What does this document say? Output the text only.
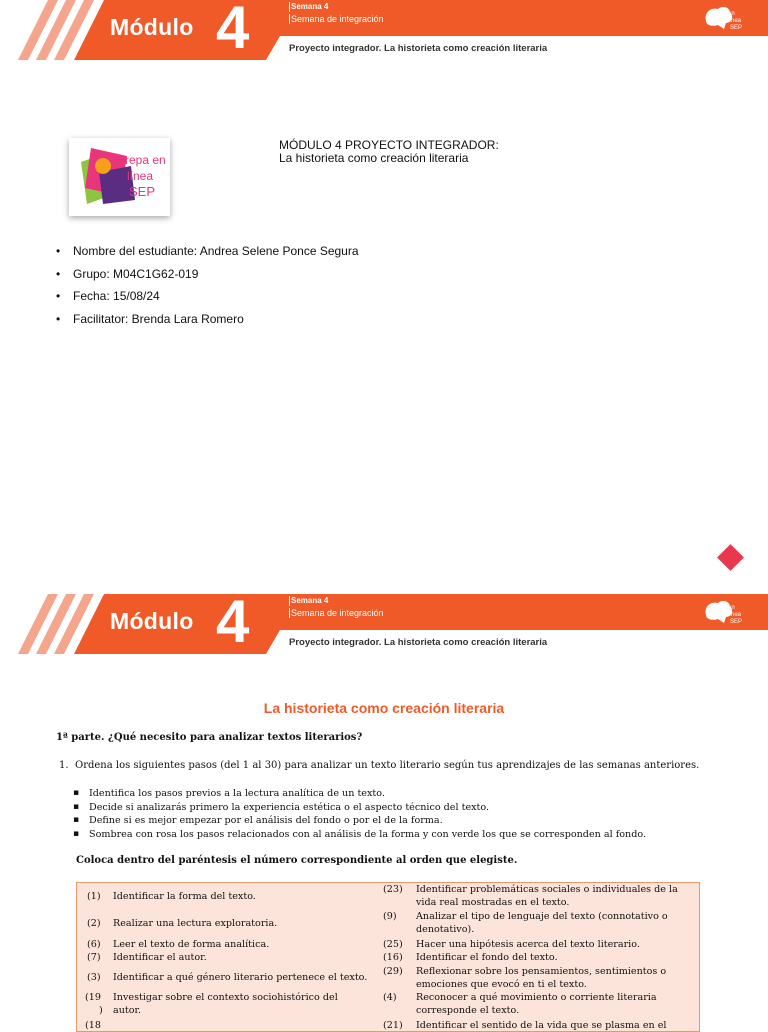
Módulo 4	Semana 4
Semana de integración
Proyecto integrador. La historieta como creación literaria
en
línea
SEP
Prepa en
línea
SEP
MÓDULO 4 PROYECTO INTEGRADOR:
La historieta como creación literaria
• Nombre del estudiante: Andrea Selene Ponce Segura
• Grupo: M04C1G62-019
• Fecha: 15/08/24
• Facilitator: Brenda Lara Romero
Módulo 4	Semana 4
Semana de integración
Proyecto integrador. La historieta como creación literaria
en
línea
SEP
La historieta como creación literaria
1ª parte. ¿Qué necesito para analizar textos literarios?
1. Ordena los siguientes pasos (del 1 al 30) para analizar un texto literario según tus aprendizajes de las semanas anteriores.
▪ Identifica los pasos previos a la lectura analítica de un texto.
▪ Decide si analizarás primero la experiencia estética o el aspecto técnico del texto.
▪ Define si es mejor empezar por el análisis del fondo o por el de la forma.
▪ Sombrea con rosa los pasos relacionados con al análisis de la forma y con verde los que se corresponden al fondo.
Coloca dentro del paréntesis el número correspondiente al orden que elegiste.
(1) Identificar la forma del texto.
(2) Realizar una lectura exploratoria.
(6) Leer el texto de forma analítica.
(7) Identificar el autor.
(3) Identificar a qué género literario pertenece el texto.
(19
)
Investigar sobre el contexto sociohistórico del
autor.
(18
(23) Identificar problemáticas sociales o individuales de la
vida real mostradas en el texto.
(9) Analizar el tipo de lenguaje del texto (connotativo o
denotativo).
(25) Hacer una hipótesis acerca del texto literario.
(16) Identificar el fondo del texto.
(29) Reflexionar sobre los pensamientos, sentimientos o
emociones que evocó en ti el texto.
(4) Reconocer a qué movimiento o corriente literaria
corresponde el texto.
(21) Identificar el sentido de la vida que se plasma en el
